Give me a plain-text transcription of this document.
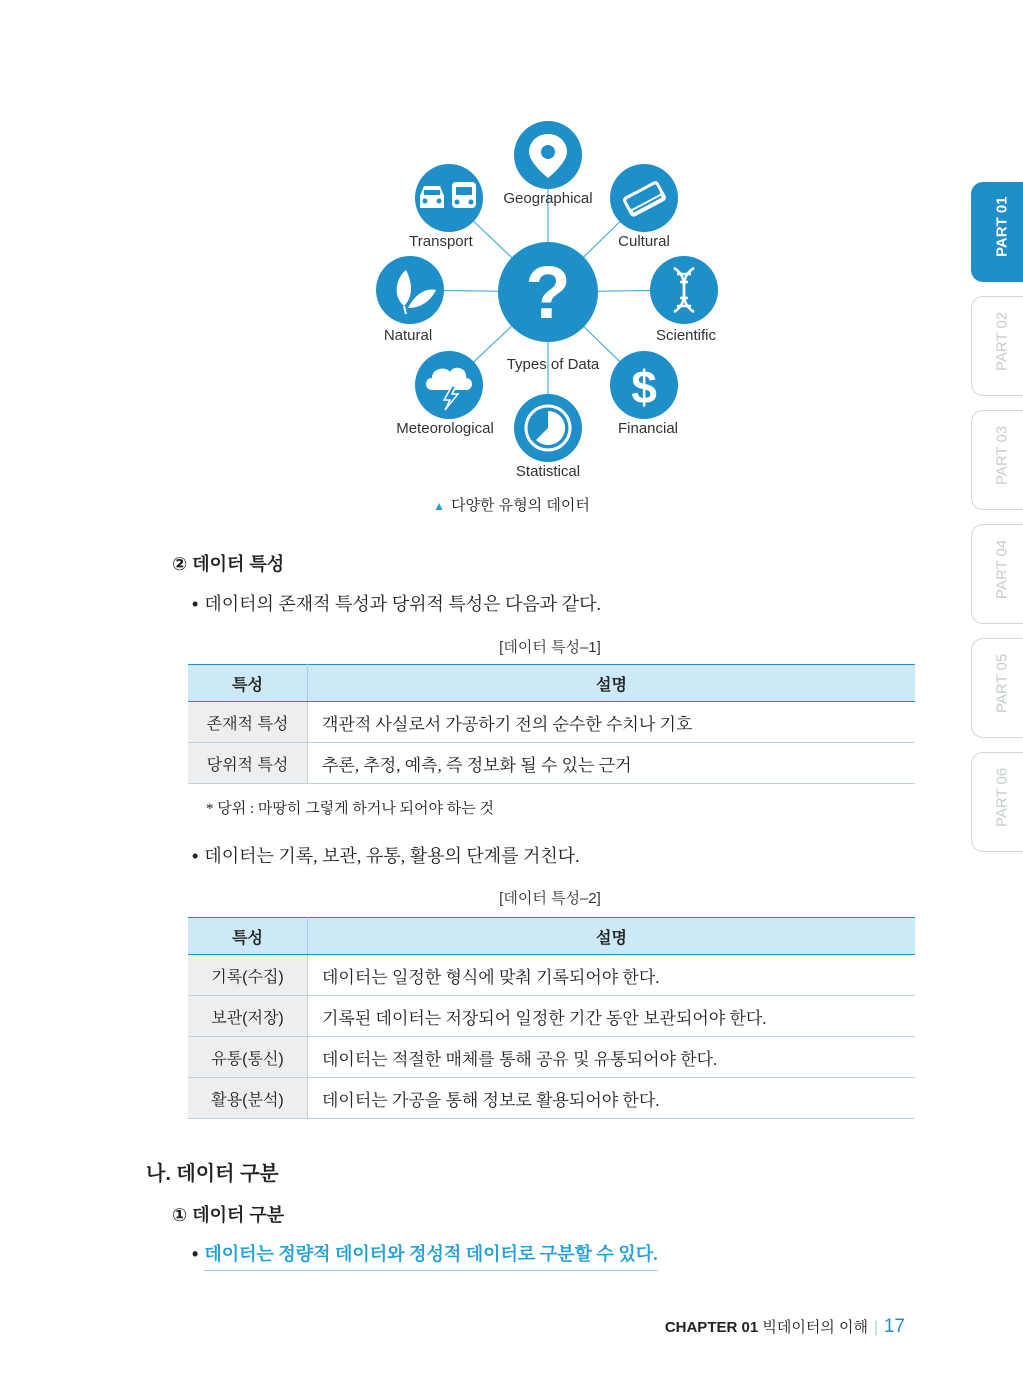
?
Types of Data
Geographical
Cultural
Scientific
$
Financial
Statistical
Meteorological
Natural
Transport
▲ 다양한 유형의 데이터
PART 01
PART 02
PART 03
PART 04
PART 05
PART 06
② 데이터 특성
• 데이터의 존재적 특성과 당위적 특성은 다음과 같다.
[데이터 특성–1]
특성	설명
존재적 특성	객관적 사실로서 가공하기 전의 순수한 수치나 기호
당위적 특성	추론, 추정, 예측, 즉 정보화 될 수 있는 근거
* 당위 : 마땅히 그렇게 하거나 되어야 하는 것
• 데이터는 기록, 보관, 유통, 활용의 단계를 거친다.
[데이터 특성–2]
특성	설명
기록(수집)	데이터는 일정한 형식에 맞춰 기록되어야 한다.
보관(저장)	기록된 데이터는 저장되어 일정한 기간 동안 보관되어야 한다.
유통(통신)	데이터는 적절한 매체를 통해 공유 및 유통되어야 한다.
활용(분석)	데이터는 가공을 통해 정보로 활용되어야 한다.
나. 데이터 구분
① 데이터 구분
• 데이터는 정량적 데이터와 정성적 데이터로 구분할 수 있다.
CHAPTER 01 빅데이터의 이해 | 17
